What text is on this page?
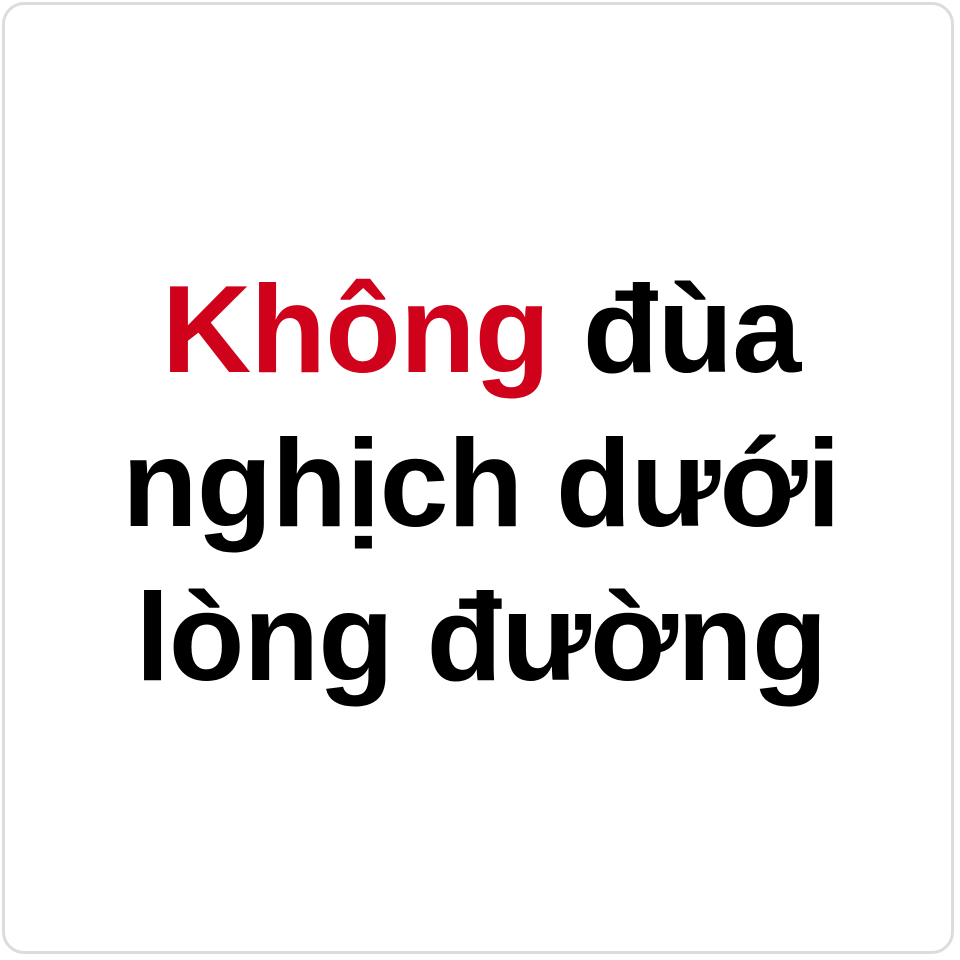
Không đùa
nghịch dưới
lòng đường
